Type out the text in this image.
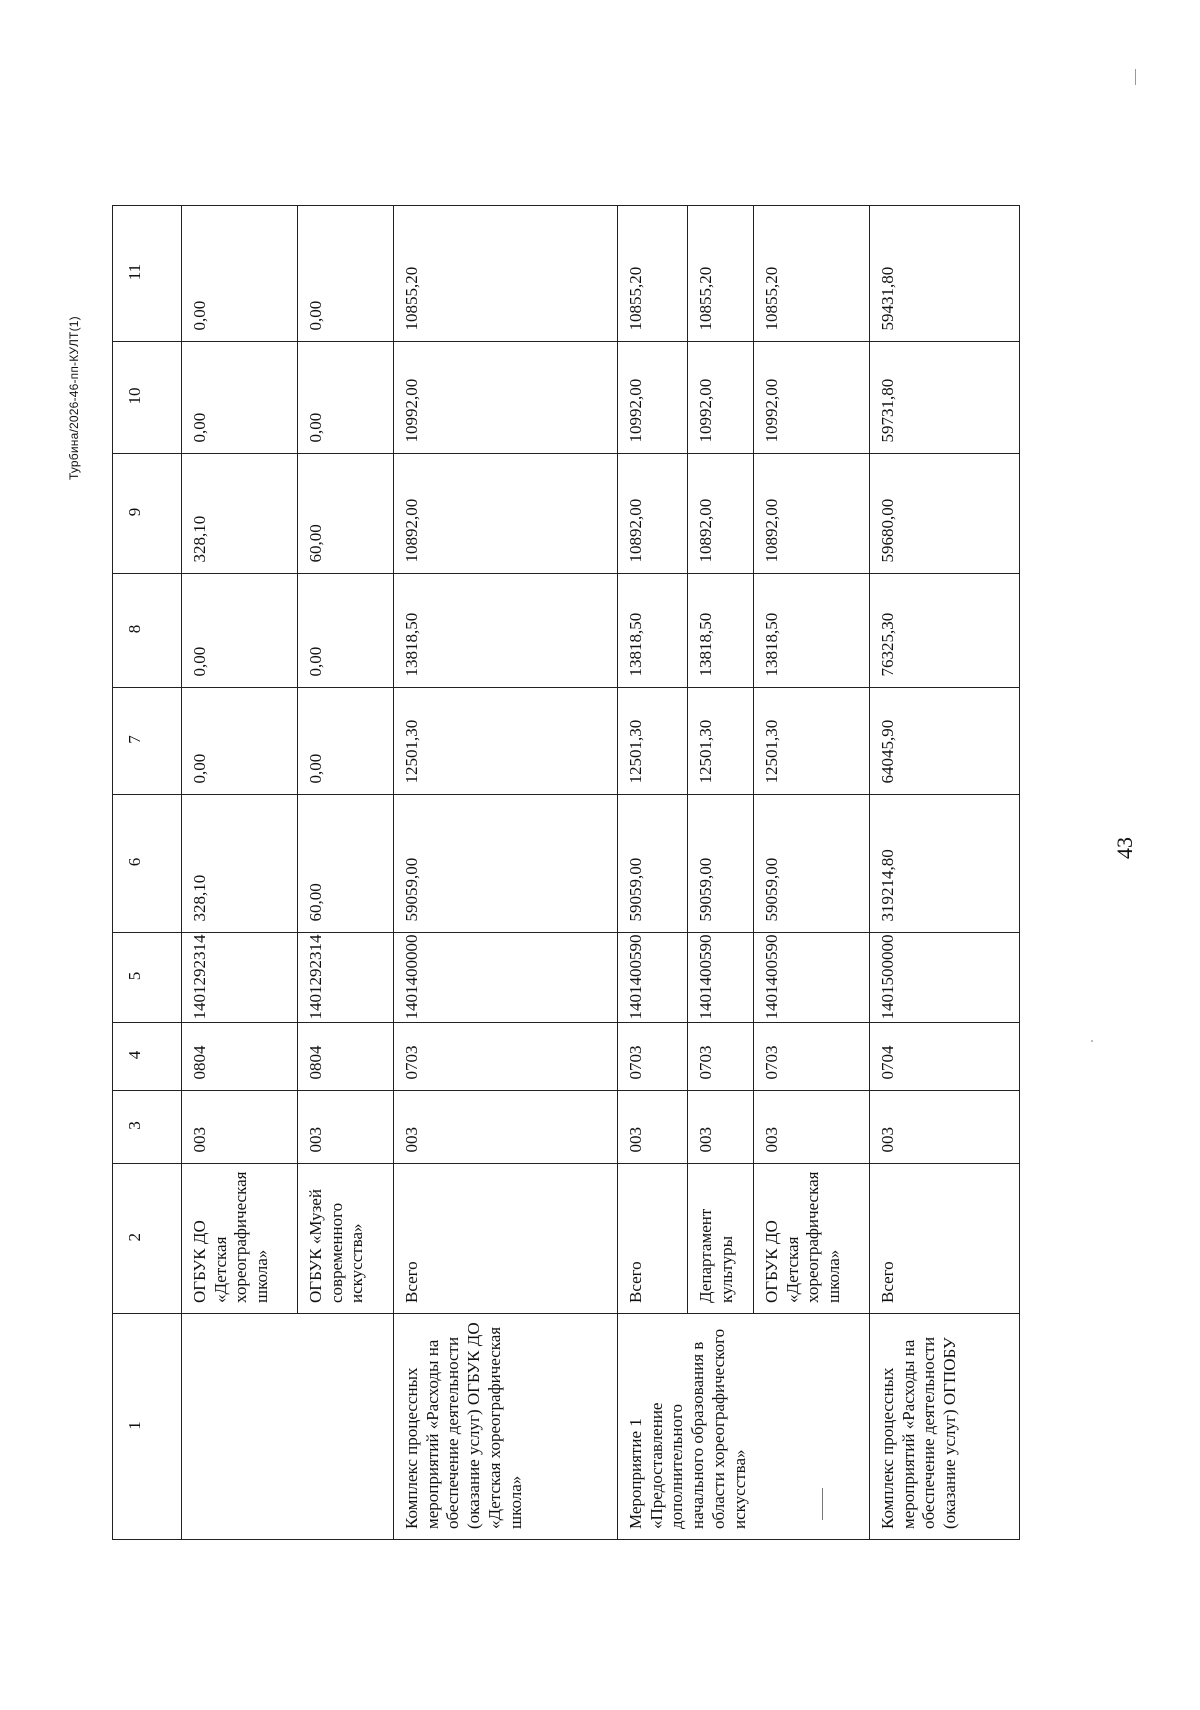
43
Турбина/2026-46-пп-КУЛТ(1)
1	2	3	4	5	6	7	8	9	10	11
	ОГБУК ДО «Детская хореографическая школа»	003	0804	1401292314	328,10	0,00	0,00	328,10	0,00	0,00
	ОГБУК «Музей современного искусства»	003	0804	1401292314	60,00	0,00	0,00	60,00	0,00	0,00
Комплекс процессных мероприятий «Расходы на обеспечение деятельности (оказание услуг) ОГБУК ДО «Детская хореографическая школа»	Всего	003	0703	1401400000	59059,00	12501,30	13818,50	10892,00	10992,00	10855,20
Мероприятие 1 «Предоставление дополнительного начального образования в области хореографического искусства»	Всего	003	0703	1401400590	59059,00	12501,30	13818,50	10892,00	10992,00	10855,20
	Департамент культуры	003	0703	1401400590	59059,00	12501,30	13818,50	10892,00	10992,00	10855,20
	ОГБУК ДО «Детская хореографическая школа»	003	0703	1401400590	59059,00	12501,30	13818,50	10892,00	10992,00	10855,20
Комплекс процессных мероприятий «Расходы на обеспечение деятельности (оказание услуг) ОГПОБУ	Всего	003	0704	1401500000	319214,80	64045,90	76325,30	59680,00	59731,80	59431,80
